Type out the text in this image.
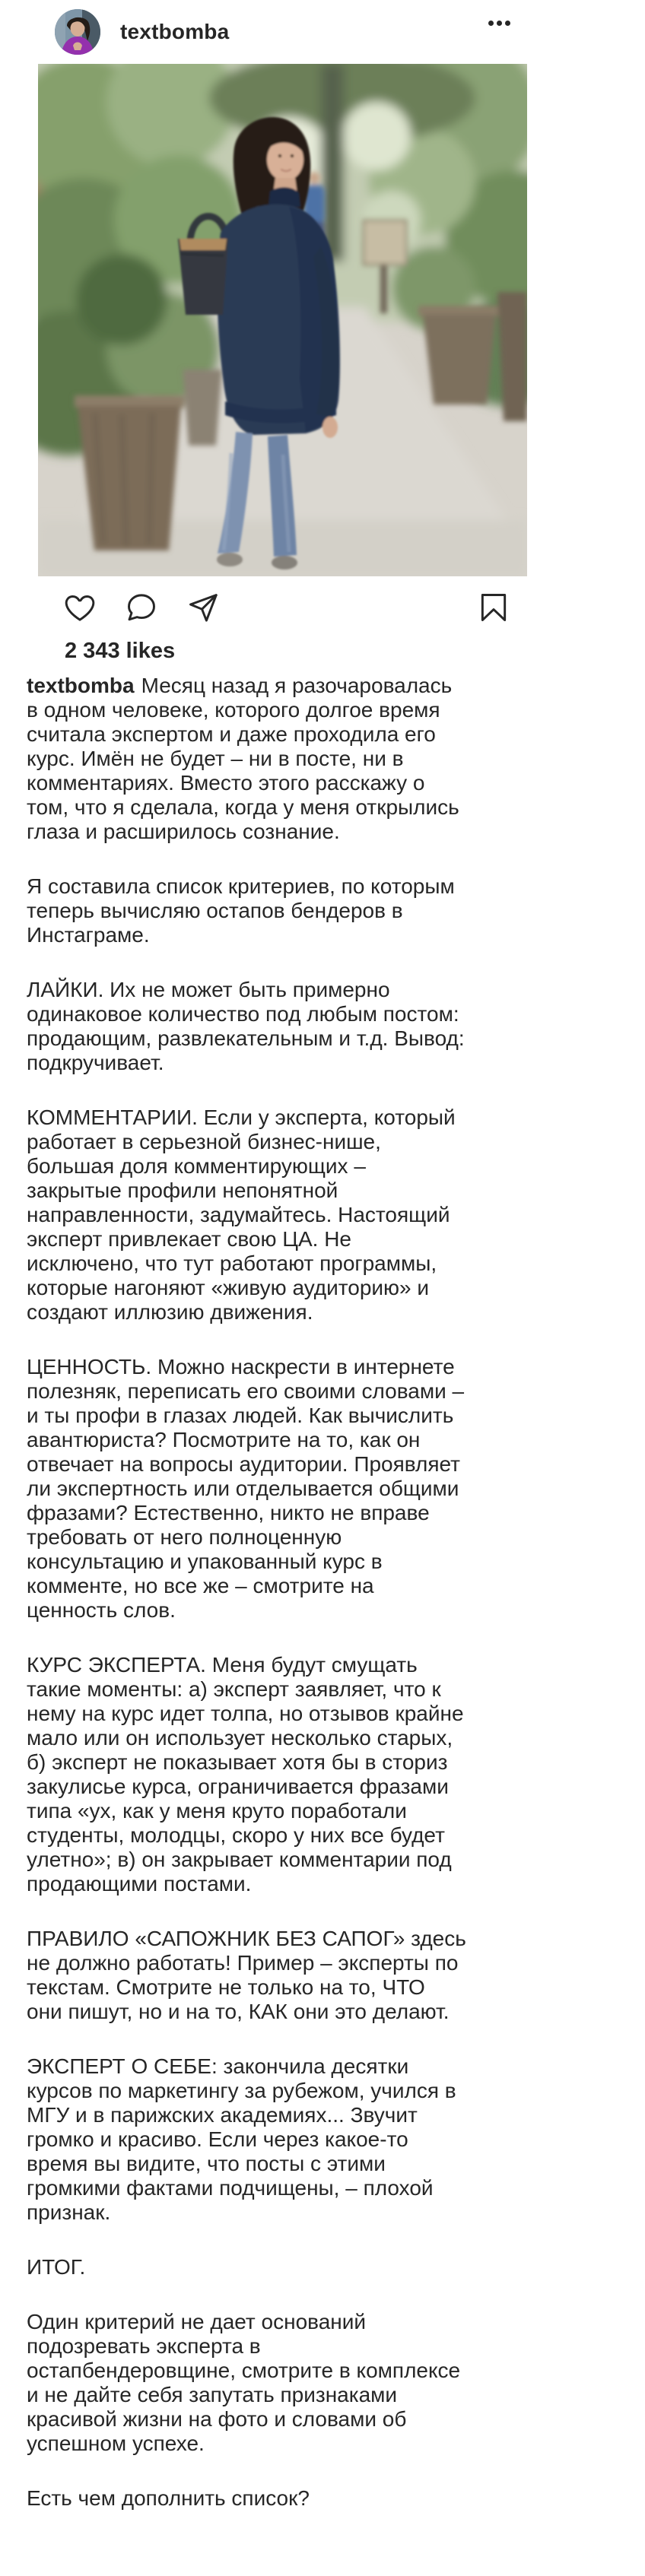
textbomba
2 343 likes

textbomba Месяц назад я разочаровалась в одном человеке, которого долгое время считала экспертом и даже проходила его курс. Имён не будет – ни в посте, ни в комментариях. Вместо этого расскажу о том, что я сделала, когда у меня открылись глаза и расширилось сознание.

Я составила список критериев, по которым теперь вычисляю остапов бендеров в Инстаграме.

ЛАЙКИ. Их не может быть примерно одинаковое количество под любым постом: продающим, развлекательным и т.д. Вывод: подкручивает.

КОММЕНТАРИИ. Если у эксперта, который работает в серьезной бизнес-нише, большая доля комментирующих – закрытые профили непонятной направленности, задумайтесь. Настоящий эксперт привлекает свою ЦА. Не исключено, что тут работают программы, которые нагоняют «живую аудиторию» и создают иллюзию движения.

ЦЕННОСТЬ. Можно наскрести в интернете полезняк, переписать его своими словами – и ты профи в глазах людей. Как вычислить авантюриста? Посмотрите на то, как он отвечает на вопросы аудитории. Проявляет ли экспертность или отделывается общими фразами? Естественно, никто не вправе требовать от него полноценную консультацию и упакованный курс в комменте, но все же – смотрите на ценность слов.

КУРС ЭКСПЕРТА. Меня будут смущать такие моменты: а) эксперт заявляет, что к нему на курс идет толпа, но отзывов крайне мало или он использует несколько старых, б) эксперт не показывает хотя бы в сториз закулисье курса, ограничивается фразами типа «ух, как у меня круто поработали студенты, молодцы, скоро у них все будет улетно»; в) он закрывает комментарии под продающими постами.

ПРАВИЛО «САПОЖНИК БЕЗ САПОГ» здесь не должно работать! Пример – эксперты по текстам. Смотрите не только на то, ЧТО они пишут, но и на то, КАК они это делают.

ЭКСПЕРТ О СЕБЕ: закончила десятки курсов по маркетингу за рубежом, учился в МГУ и в парижских академиях... Звучит громко и красиво. Если через какое-то время вы видите, что посты с этими громкими фактами подчищены, – плохой признак.

ИТОГ.

Один критерий не дает оснований подозревать эксперта в остапбендеровщине, смотрите в комплексе и не дайте себя запутать признаками красивой жизни на фото и словами об успешном успехе.

Есть чем дополнить список?
